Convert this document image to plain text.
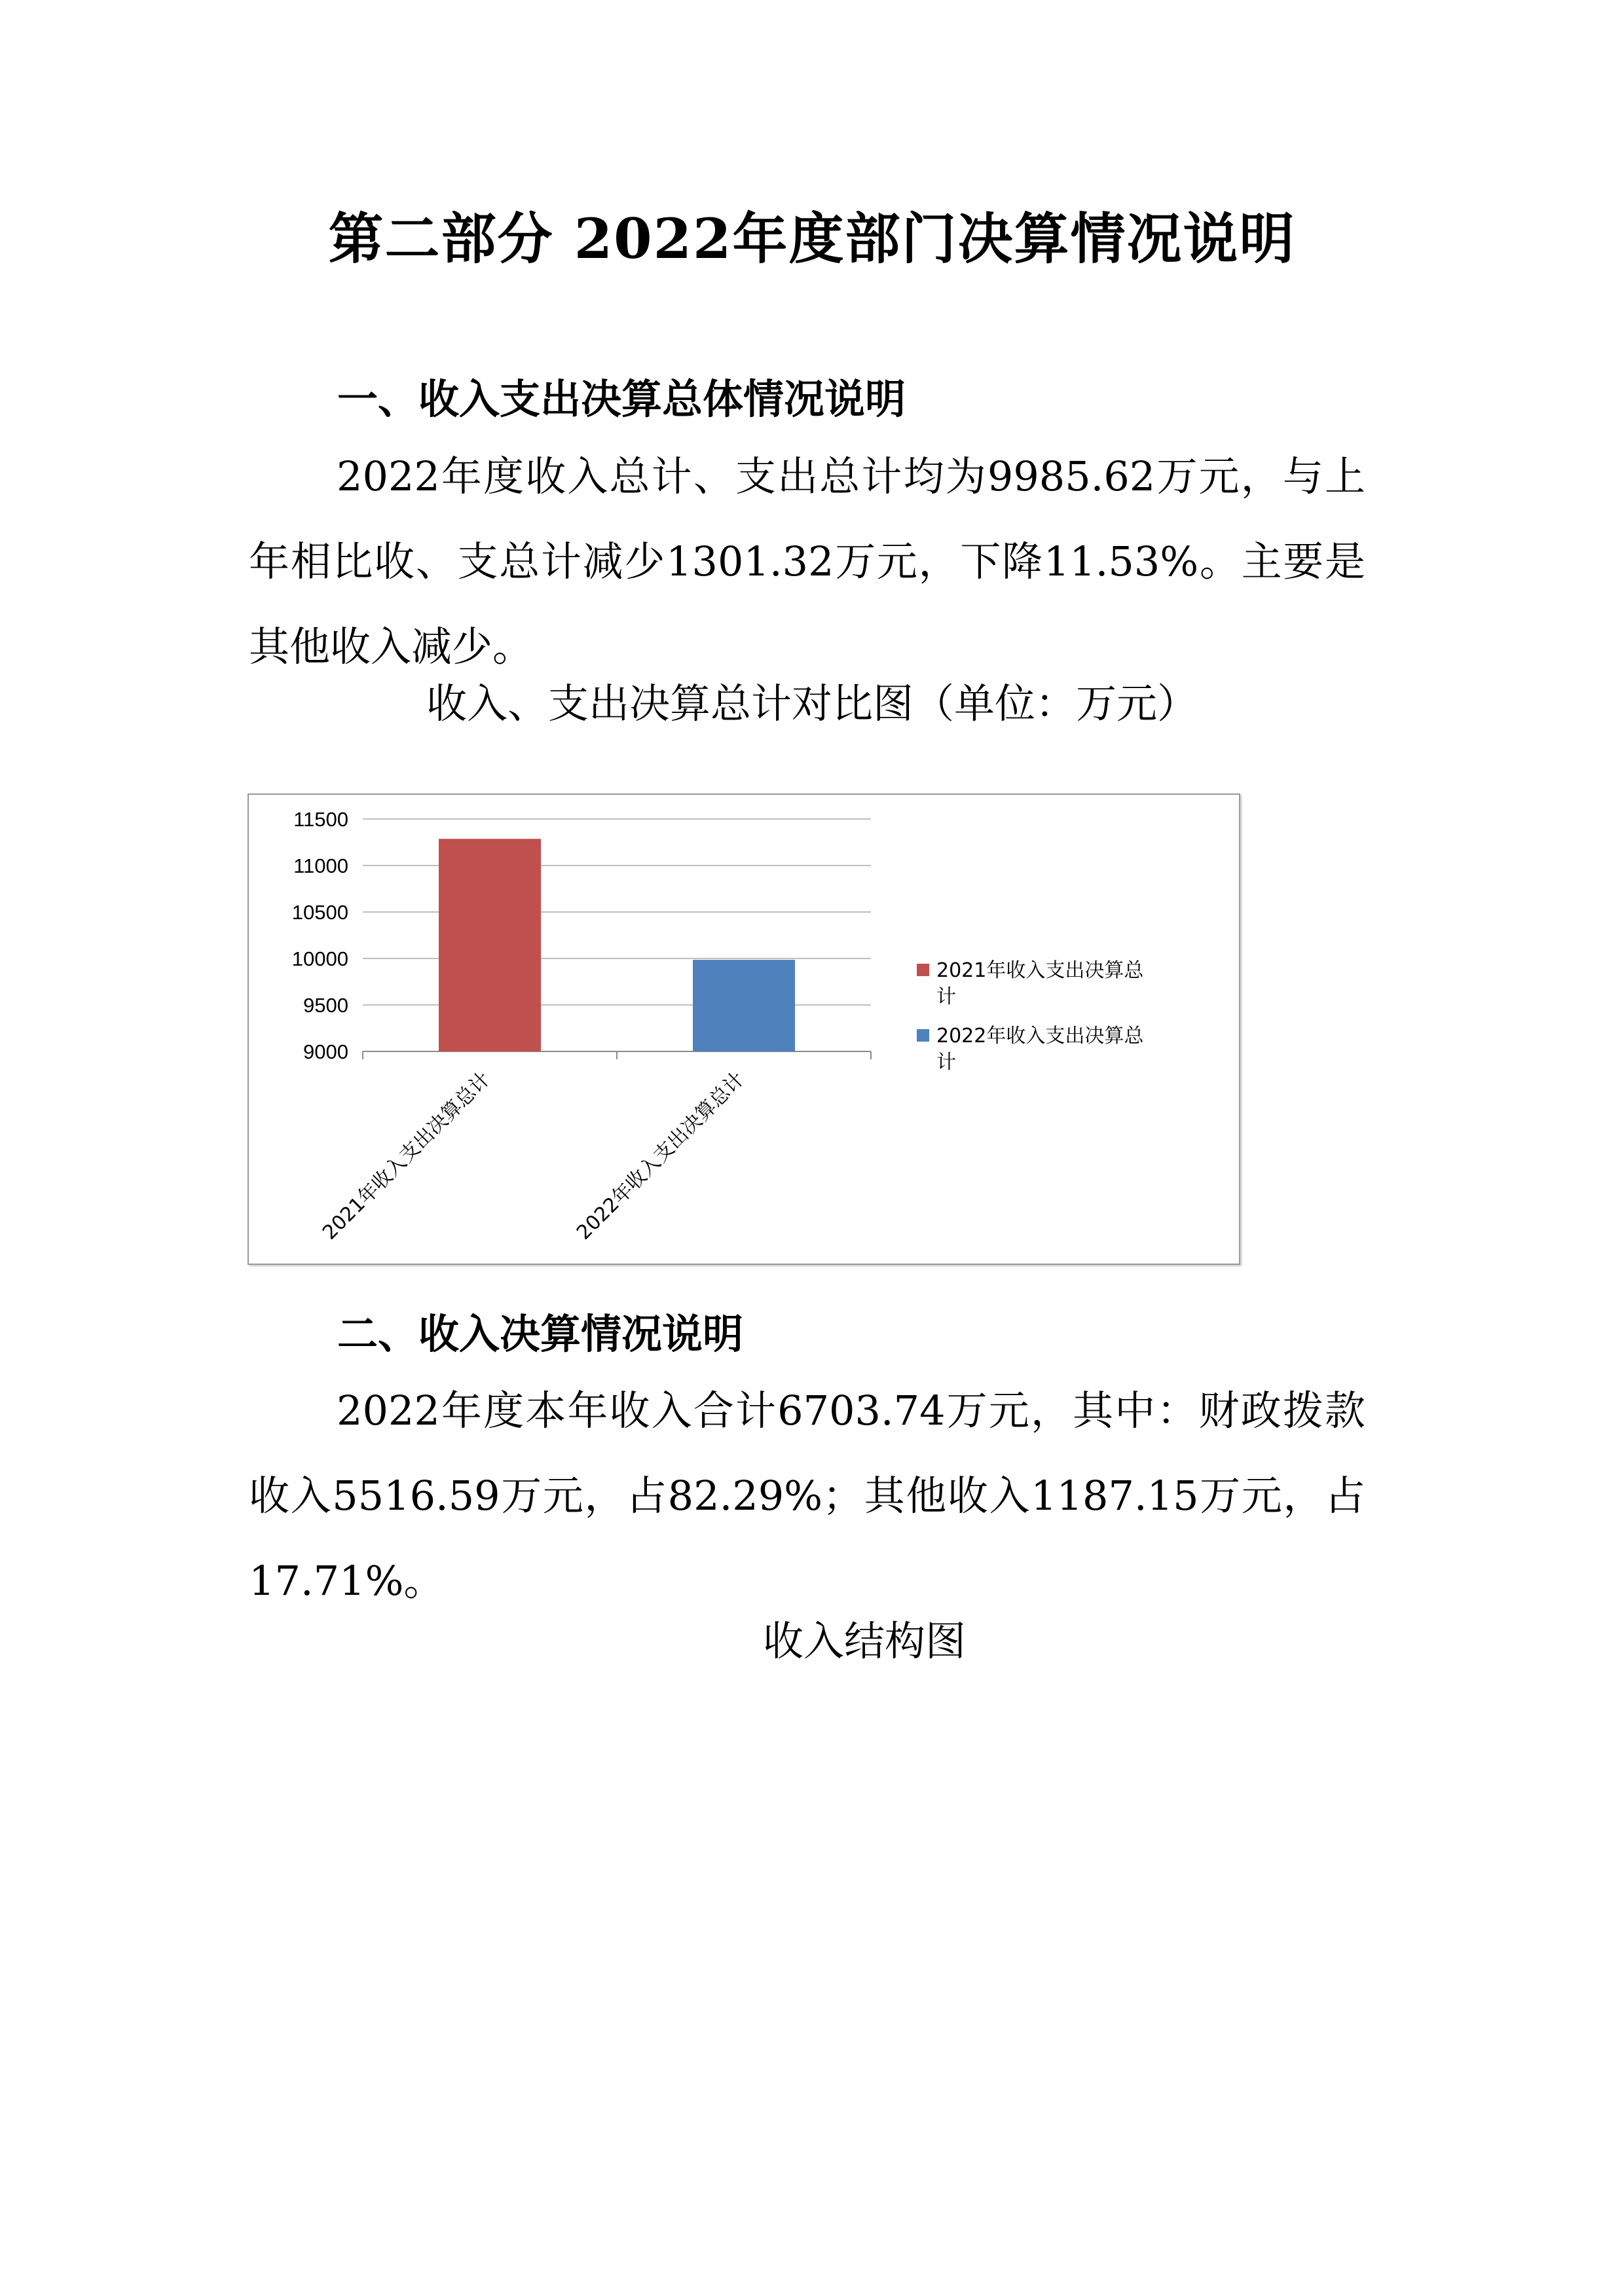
第二部分 2022年度部门决算情况说明
一、收入支出决算总体情况说明

2022年度收入总计、支出总计均为9985.62万元，与上年相比收、支总计减少1301.32万元，下降11.53%。主要是其他收入减少。

收入、支出决算总计对比图（单位：万元）
9000
9500
10000
10500
11000
11500
2021年收入支出决算总计	2022年收入支出决算总计
2021年收入支出决算总
计
2022年收入支出决算总
计
二、收入决算情况说明

2022年度本年收入合计6703.74万元，其中：财政拨款收入5516.59万元，占82.29%；其他收入1187.15万元，占17.71%。

收入结构图
